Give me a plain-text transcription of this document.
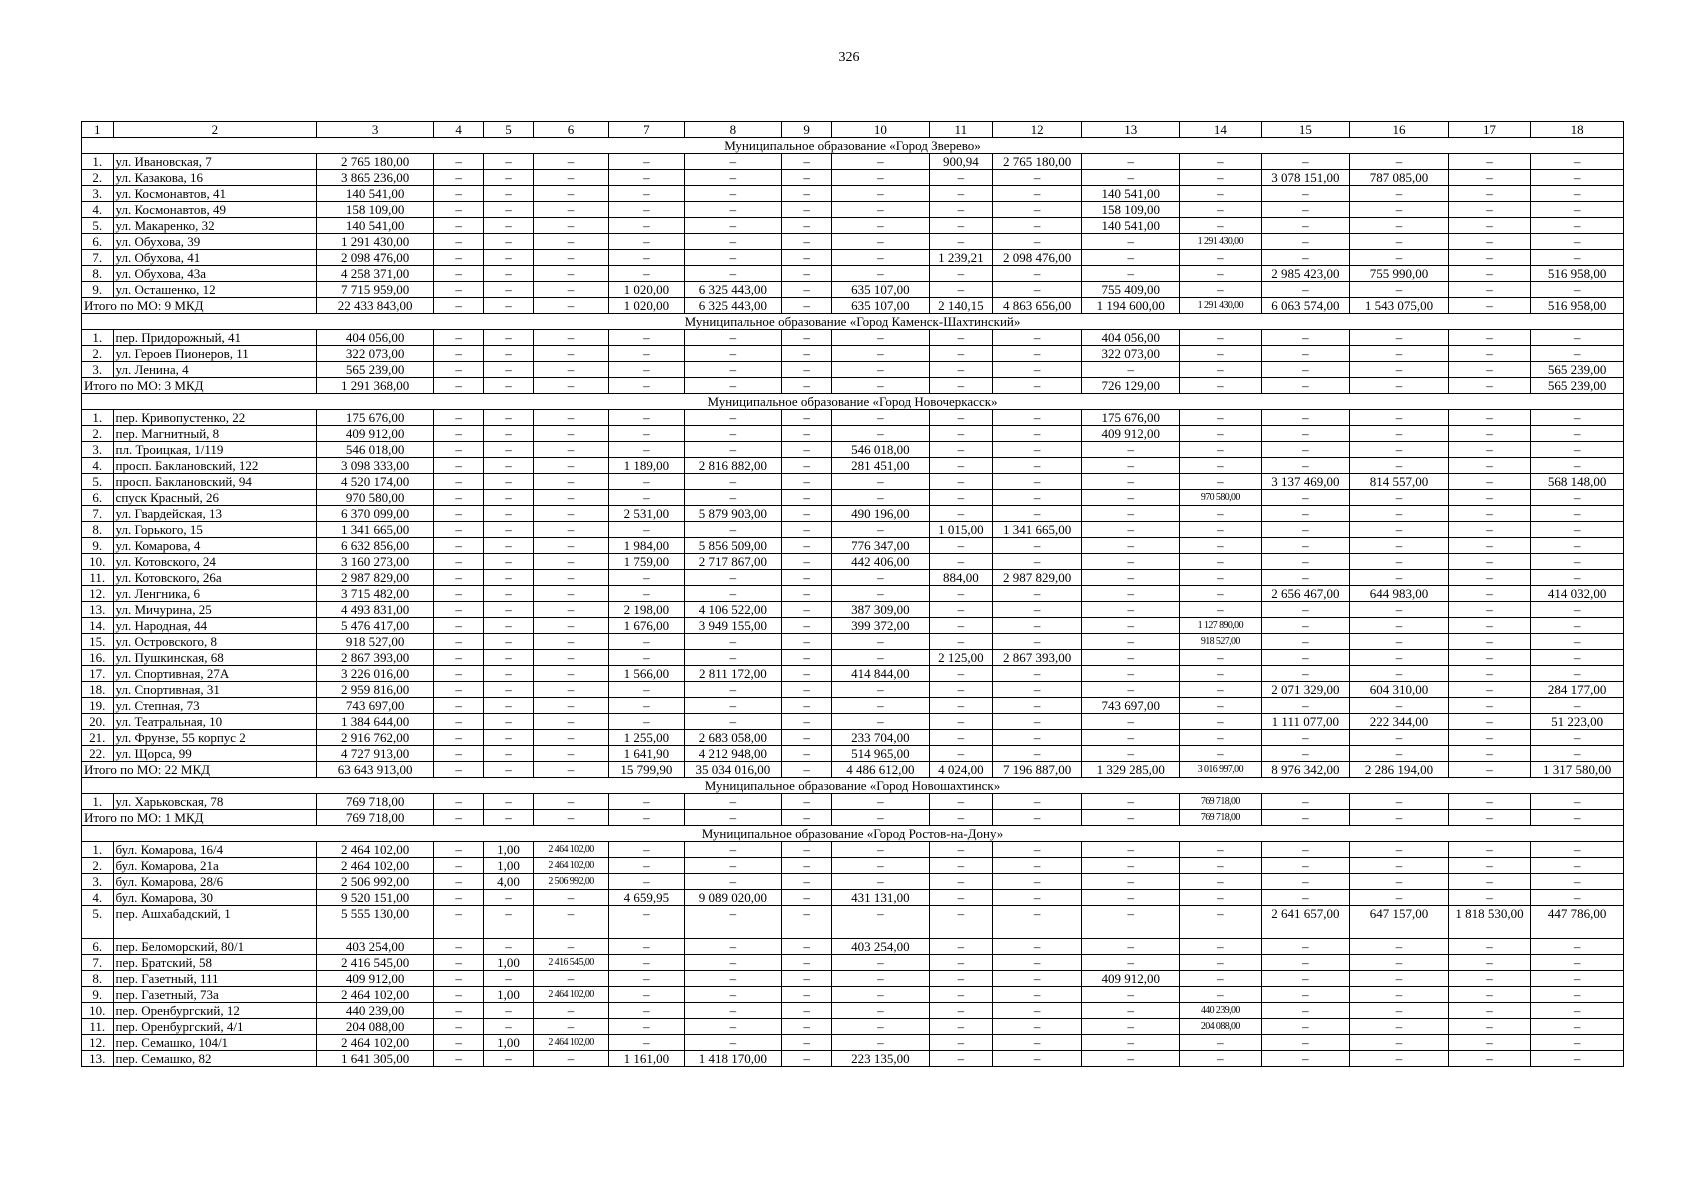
326
1	2	3	4	5	6	7	8	9	10	11	12	13	14	15	16	17	18
Муниципальное образование «Город Зверево»																	
1.	ул. Ивановская, 7	2 765 180,00	–	–	–	–	–	–	–	900,94	2 765 180,00	–	–	–	–	–	–
2.	ул. Казакова, 16	3 865 236,00	–	–	–	–	–	–	–	–	–	–	–	3 078 151,00	787 085,00	–	–
3.	ул. Космонавтов, 41	140 541,00	–	–	–	–	–	–	–	–	–	140 541,00	–	–	–	–	–
4.	ул. Космонавтов, 49	158 109,00	–	–	–	–	–	–	–	–	–	158 109,00	–	–	–	–	–
5.	ул. Макаренко, 32	140 541,00	–	–	–	–	–	–	–	–	–	140 541,00	–	–	–	–	–
6.	ул. Обухова, 39	1 291 430,00	–	–	–	–	–	–	–	–	–	–	1 291 430,00	–	–	–	–
7.	ул. Обухова, 41	2 098 476,00	–	–	–	–	–	–	–	1 239,21	2 098 476,00	–	–	–	–	–	–
8.	ул. Обухова, 43а	4 258 371,00	–	–	–	–	–	–	–	–	–	–	–	2 985 423,00	755 990,00	–	516 958,00
9.	ул. Осташенко, 12	7 715 959,00	–	–	–	1 020,00	6 325 443,00	–	635 107,00	–	–	755 409,00	–	–	–	–	–
Итого по МО: 9 МКД		22 433 843,00	–	–	–	1 020,00	6 325 443,00	–	635 107,00	2 140,15	4 863 656,00	1 194 600,00	1 291 430,00	6 063 574,00	1 543 075,00	–	516 958,00
Муниципальное образование «Город Каменск-Шахтинский»																	
1.	пер. Придорожный, 41	404 056,00	–	–	–	–	–	–	–	–	–	404 056,00	–	–	–	–	–
2.	ул. Героев Пионеров, 11	322 073,00	–	–	–	–	–	–	–	–	–	322 073,00	–	–	–	–	–
3.	ул. Ленина, 4	565 239,00	–	–	–	–	–	–	–	–	–	–	–	–	–	–	565 239,00
Итого по МО: 3 МКД		1 291 368,00	–	–	–	–	–	–	–	–	–	726 129,00	–	–	–	–	565 239,00
Муниципальное образование «Город Новочеркасск»																	
1.	пер. Кривопустенко, 22	175 676,00	–	–	–	–	–	–	–	–	–	175 676,00	–	–	–	–	–
2.	пер. Магнитный, 8	409 912,00	–	–	–	–	–	–	–	–	–	409 912,00	–	–	–	–	–
3.	пл. Троицкая, 1/119	546 018,00	–	–	–	–	–	–	546 018,00	–	–	–	–	–	–	–	–
4.	просп. Баклановский, 122	3 098 333,00	–	–	–	1 189,00	2 816 882,00	–	281 451,00	–	–	–	–	–	–	–	–
5.	просп. Баклановский, 94	4 520 174,00	–	–	–	–	–	–	–	–	–	–	–	3 137 469,00	814 557,00	–	568 148,00
6.	спуск Красный, 26	970 580,00	–	–	–	–	–	–	–	–	–	–	970 580,00	–	–	–	–
7.	ул. Гвардейская, 13	6 370 099,00	–	–	–	2 531,00	5 879 903,00	–	490 196,00	–	–	–	–	–	–	–	–
8.	ул. Горького, 15	1 341 665,00	–	–	–	–	–	–	–	1 015,00	1 341 665,00	–	–	–	–	–	–
9.	ул. Комарова, 4	6 632 856,00	–	–	–	1 984,00	5 856 509,00	–	776 347,00	–	–	–	–	–	–	–	–
10.	ул. Котовского, 24	3 160 273,00	–	–	–	1 759,00	2 717 867,00	–	442 406,00	–	–	–	–	–	–	–	–
11.	ул. Котовского, 26а	2 987 829,00	–	–	–	–	–	–	–	884,00	2 987 829,00	–	–	–	–	–	–
12.	ул. Ленгника, 6	3 715 482,00	–	–	–	–	–	–	–	–	–	–	–	2 656 467,00	644 983,00	–	414 032,00
13.	ул. Мичурина, 25	4 493 831,00	–	–	–	2 198,00	4 106 522,00	–	387 309,00	–	–	–	–	–	–	–	–
14.	ул. Народная, 44	5 476 417,00	–	–	–	1 676,00	3 949 155,00	–	399 372,00	–	–	–	1 127 890,00	–	–	–	–
15.	ул. Островского, 8	918 527,00	–	–	–	–	–	–	–	–	–	–	918 527,00	–	–	–	–
16.	ул. Пушкинская, 68	2 867 393,00	–	–	–	–	–	–	–	2 125,00	2 867 393,00	–	–	–	–	–	–
17.	ул. Спортивная, 27А	3 226 016,00	–	–	–	1 566,00	2 811 172,00	–	414 844,00	–	–	–	–	–	–	–	–
18.	ул. Спортивная, 31	2 959 816,00	–	–	–	–	–	–	–	–	–	–	–	2 071 329,00	604 310,00	–	284 177,00
19.	ул. Степная, 73	743 697,00	–	–	–	–	–	–	–	–	–	743 697,00	–	–	–	–	–
20.	ул. Театральная, 10	1 384 644,00	–	–	–	–	–	–	–	–	–	–	–	1 111 077,00	222 344,00	–	51 223,00
21.	ул. Фрунзе, 55 корпус 2	2 916 762,00	–	–	–	1 255,00	2 683 058,00	–	233 704,00	–	–	–	–	–	–	–	–
22.	ул. Щорса, 99	4 727 913,00	–	–	–	1 641,90	4 212 948,00	–	514 965,00	–	–	–	–	–	–	–	–
Итого по МО: 22 МКД		63 643 913,00	–	–	–	15 799,90	35 034 016,00	–	4 486 612,00	4 024,00	7 196 887,00	1 329 285,00	3 016 997,00	8 976 342,00	2 286 194,00	–	1 317 580,00
Муниципальное образование «Город Новошахтинск»																	
1.	ул. Харьковская, 78	769 718,00	–	–	–	–	–	–	–	–	–	–	769 718,00	–	–	–	–
Итого по МО: 1 МКД		769 718,00	–	–	–	–	–	–	–	–	–	–	769 718,00	–	–	–	–
Муниципальное образование «Город Ростов-на-Дону»																	
1.	бул. Комарова, 16/4	2 464 102,00	–	1,00	2 464 102,00	–	–	–	–	–	–	–	–	–	–	–	–
2.	бул. Комарова, 21а	2 464 102,00	–	1,00	2 464 102,00	–	–	–	–	–	–	–	–	–	–	–	–
3.	бул. Комарова, 28/6	2 506 992,00	–	4,00	2 506 992,00	–	–	–	–	–	–	–	–	–	–	–	–
4.	бул. Комарова, 30	9 520 151,00	–	–	–	4 659,95	9 089 020,00	–	431 131,00	–	–	–	–	–	–	–	–
5.	пер. Ашхабадский, 1	5 555 130,00	–	–	–	–	–	–	–	–	–	–	–	2 641 657,00	647 157,00	1 818 530,00	447 786,00
6.	пер. Беломорский, 80/1	403 254,00	–	–	–	–	–	–	403 254,00	–	–	–	–	–	–	–	–
7.	пер. Братский, 58	2 416 545,00	–	1,00	2 416 545,00	–	–	–	–	–	–	–	–	–	–	–	–
8.	пер. Газетный, 111	409 912,00	–	–	–	–	–	–	–	–	–	409 912,00	–	–	–	–	–
9.	пер. Газетный, 73а	2 464 102,00	–	1,00	2 464 102,00	–	–	–	–	–	–	–	–	–	–	–	–
10.	пер. Оренбургский, 12	440 239,00	–	–	–	–	–	–	–	–	–	–	440 239,00	–	–	–	–
11.	пер. Оренбургский, 4/1	204 088,00	–	–	–	–	–	–	–	–	–	–	204 088,00	–	–	–	–
12.	пер. Семашко, 104/1	2 464 102,00	–	1,00	2 464 102,00	–	–	–	–	–	–	–	–	–	–	–	–
13.	пер. Семашко, 82	1 641 305,00	–	–	–	1 161,00	1 418 170,00	–	223 135,00	–	–	–	–	–	–	–	–
